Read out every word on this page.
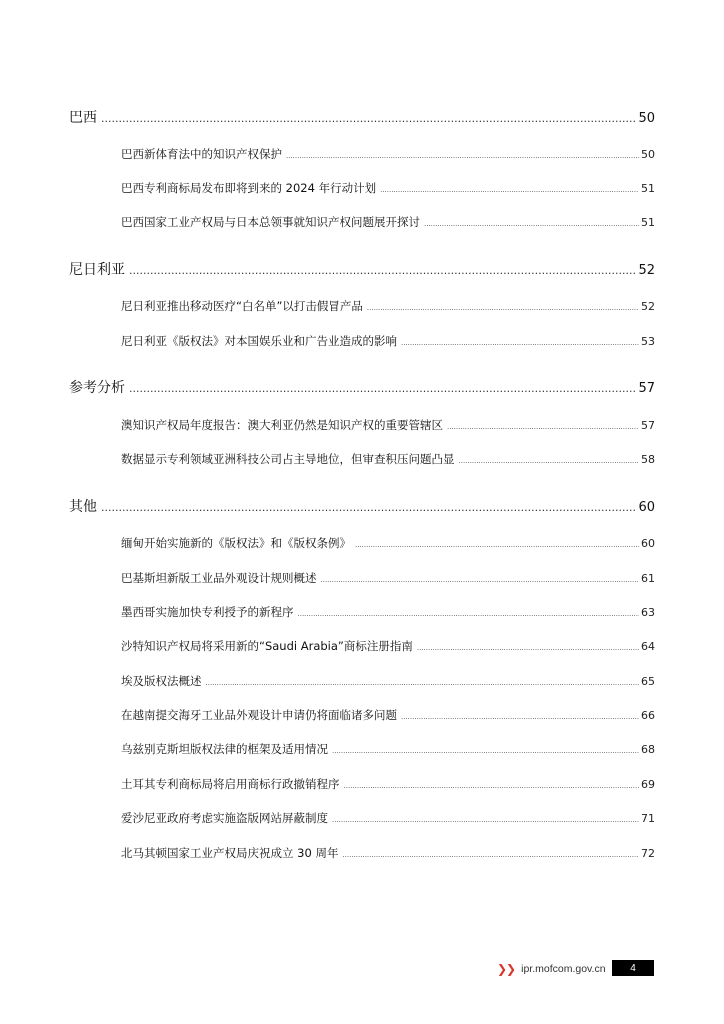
巴西 .....	50
巴西新体育法中的知识产权保护 .....	50
巴西专利商标局发布即将到来的 2024 年行动计划 .....	51
巴西国家工业产权局与日本总领事就知识产权问题展开探讨 .....	51
尼日利亚 .....	52
尼日利亚推出移动医疗“白名单”以打击假冒产品 .....	52
尼日利亚《版权法》对本国娱乐业和广告业造成的影响 .....	53
参考分析 .....	57
澳知识产权局年度报告：澳大利亚仍然是知识产权的重要管辖区 .....	57
数据显示专利领域亚洲科技公司占主导地位，但审查积压问题凸显 .....	58
其他 .....	60
缅甸开始实施新的《版权法》和《版权条例》 .....	60
巴基斯坦新版工业品外观设计规则概述 .....	61
墨西哥实施加快专利授予的新程序 .....	63
沙特知识产权局将采用新的“Saudi Arabia”商标注册指南 .....	64
埃及版权法概述 .....	65
在越南提交海牙工业品外观设计申请仍将面临诸多问题 .....	66
乌兹别克斯坦版权法律的框架及适用情况 .....	68
土耳其专利商标局将启用商标行政撤销程序 .....	69
爱沙尼亚政府考虑实施盗版网站屏蔽制度 .....	71
北马其顿国家工业产权局庆祝成立 30 周年 .....	72
❯❯ ipr.mofcom.gov.cn 4
